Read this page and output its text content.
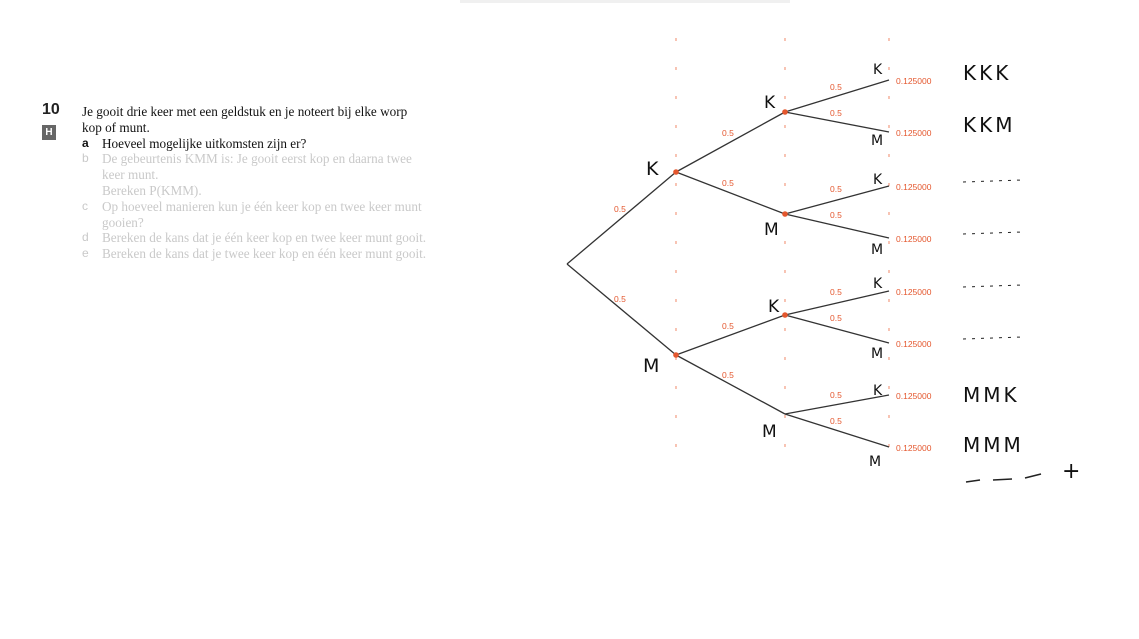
10
H
Je gooit drie keer met een geldstuk en je noteert bij elke worp
kop of munt.
a Hoeveel mogelijke uitkomsten zijn er?
b De gebeurtenis KMM is: Je gooit eerst kop en daarna twee
keer munt.
Bereken P(KMM).
c Op hoeveel manieren kun je één keer kop en twee keer munt
gooien?
d Bereken de kans dat je één keer kop en twee keer munt gooit.
e Bereken de kans dat je twee keer kop en één keer munt gooit.
0.5
0.5
0.5
0.5
0.5
0.5
0.5
0.5
0.5
0.5
0.5
0.5
0.5
0.5
0.125000
0.125000
0.125000
0.125000
0.125000
0.125000
0.125000
0.125000
K
M
K
M
K
M
K
M
K
M
K
M
K
M
KKK
KKM
MMK
MMM
+
